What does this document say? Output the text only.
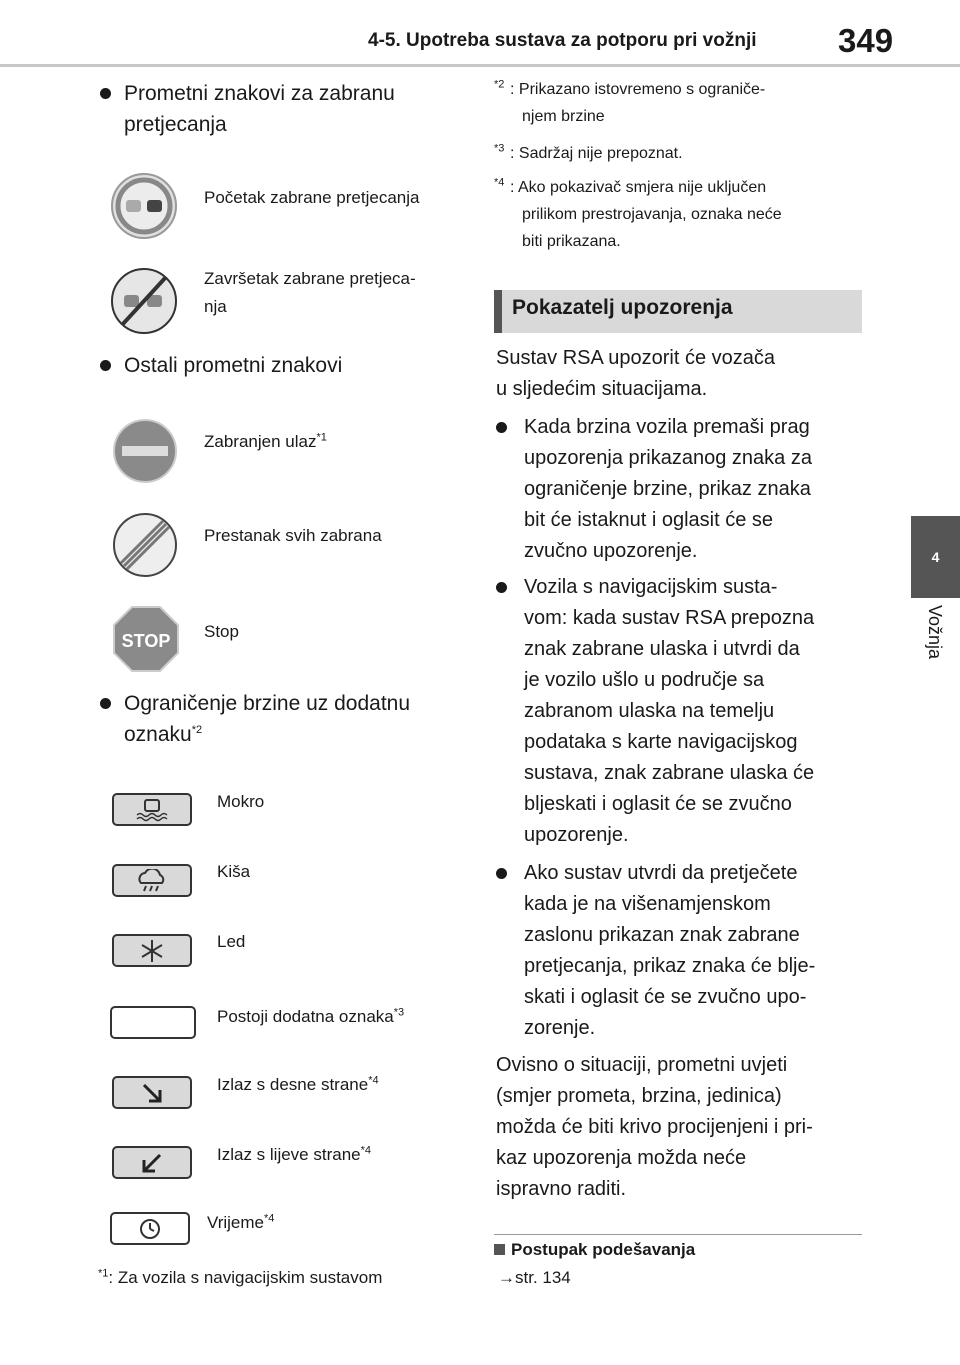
4-5. Upotreba sustava za potporu pri vožnji 349
4
Vožnja
Prometni znakovi za zabranu
pretjecanja
Početak zabrane pretjecanja
Završetak zabrane pretjeca-
nja
Ostali prometni znakovi
Zabranjen ulaz$^{*1}$
Prestanak svih zabrana
STOP Stop
Ograničenje brzine uz dodatnu
oznaku$^{*2}$
Mokro
Kiša
Led
Postoji dodatna oznaka$^{*3}$
Izlaz s desne strane$^{*4}$
Izlaz s lijeve strane$^{*4}$
Vrijeme$^{*4}$
$^{*1}$: Za vozila s navigacijskim sustavom
$^{*2}$ : Prikazano istovremeno s ograniče-
njem brzine
$^{*3}$ : Sadržaj nije prepoznat.
$^{*4}$ : Ako pokazivač smjera nije uključen
prilikom prestrojavanja, oznaka neće
biti prikazana.
Pokazatelj upozorenja
Sustav RSA upozorit će vozača
u sljedećim situacijama.
Kada brzina vozila premaši prag
upozorenja prikazanog znaka za
ograničenje brzine, prikaz znaka
bit će istaknut i oglasit će se
zvučno upozorenje.
Vozila s navigacijskim susta-
vom: kada sustav RSA prepozna
znak zabrane ulaska i utvrdi da
je vozilo ušlo u područje sa
zabranom ulaska na temelju
podataka s karte navigacijskog
sustava, znak zabrane ulaska će
bljeskati i oglasit će se zvučno
upozorenje.
Ako sustav utvrdi da pretječete
kada je na višenamjenskom
zaslonu prikazan znak zabrane
pretjecanja, prikaz znaka će blje-
skati i oglasit će se zvučno upo-
zorenje.
Ovisno o situaciji, prometni uvjeti
(smjer prometa, brzina, jedinica)
možda će biti krivo procijenjeni i pri-
kaz upozorenja možda neće
ispravno raditi.
Postupak podešavanja
→str. 134
